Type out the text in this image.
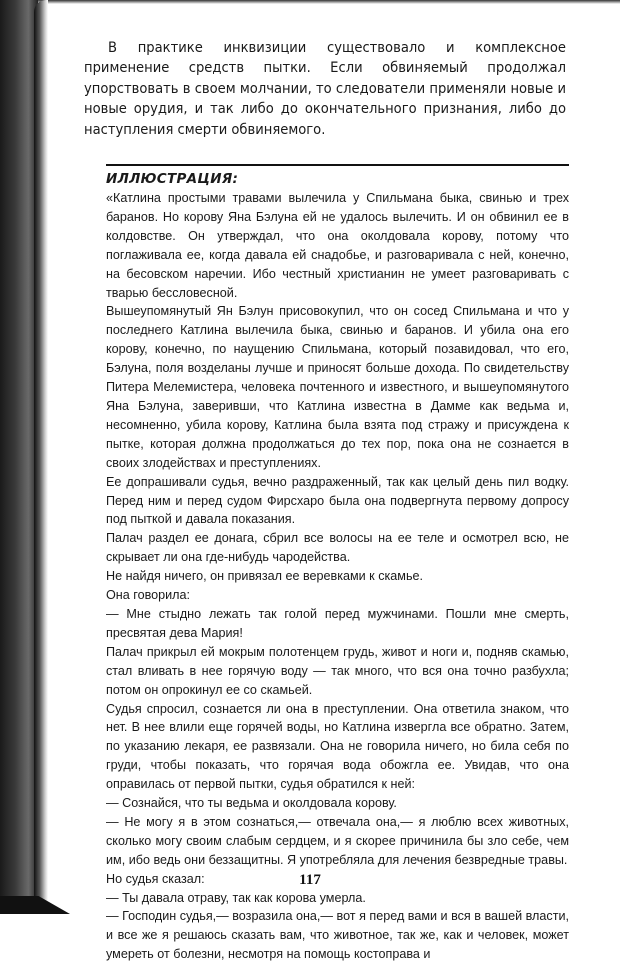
В практике инквизиции существовало и комплексное применение средств пытки. Если обвиняемый продолжал упорствовать в своем молчании, то следователи применяли новые и новые орудия, и так либо до окончательного признания, либо до наступления смерти обвиняемого.

ИЛЛЮСТРАЦИЯ:

«Катлина простыми травами вылечила у Спильмана быка, свинью и трех баранов. Но корову Яна Бэлуна ей не удалось вылечить. И он обвинил ее в колдовстве. Он утверждал, что она околдовала корову, потому что поглаживала ее, когда давала ей снадобье, и разговаривала с ней, конечно, на бесовском наречии. Ибо честный христианин не умеет разговаривать с тварью бессловесной.

Вышеупомянутый Ян Бэлун присовокупил, что он сосед Спильмана и что у последнего Катлина вылечила быка, свинью и баранов. И убила она его корову, конечно, по наущению Спильмана, который позавидовал, что его, Бэлуна, поля возделаны лучше и приносят больше дохода. По свидетельству Питера Мелемистера, человека почтенного и известного, и вышеупомянутого Яна Бэлуна, заверивши, что Катлина известна в Дамме как ведьма и, несомненно, убила корову, Катлина была взята под стражу и присуждена к пытке, которая должна продолжаться до тех пор, пока она не сознается в своих злодействах и преступлениях.

Ее допрашивали судья, вечно раздраженный, так как целый день пил водку. Перед ним и перед судом Фирсхаро была она подвергнута первому допросу под пыткой и давала показания.

Палач раздел ее донага, сбрил все волосы на ее теле и осмотрел всю, не скрывает ли она где-нибудь чародейства.

Не найдя ничего, он привязал ее веревками к скамье.

Она говорила:

— Мне стыдно лежать так голой перед мужчинами. Пошли мне смерть, пресвятая дева Мария!

Палач прикрыл ей мокрым полотенцем грудь, живот и ноги и, подняв скамью, стал вливать в нее горячую воду — так много, что вся она точно разбухла; потом он опрокинул ее со скамьей.

Судья спросил, сознается ли она в преступлении. Она ответила знаком, что нет. В нее влили еще горячей воды, но Катлина извергла все обратно. Затем, по указанию лекаря, ее развязали. Она не говорила ничего, но била себя по груди, чтобы показать, что горячая вода обожгла ее. Увидав, что она оправилась от первой пытки, судья обратился к ней:

— Сознайся, что ты ведьма и околдовала корову.

— Не могу я в этом сознаться,— отвечала она,— я люблю всех животных, сколько могу своим слабым сердцем, и я скорее причинила бы зло себе, чем им, ибо ведь они беззащитны. Я употребляла для лечения безвредные травы.

Но судья сказал:

— Ты давала отраву, так как корова умерла.

— Господин судья,— возразила она,— вот я перед вами и вся в вашей власти, и все же я решаюсь сказать вам, что животное, так же, как и человек, может умереть от болезни, несмотря на помощь костоправа и

117
